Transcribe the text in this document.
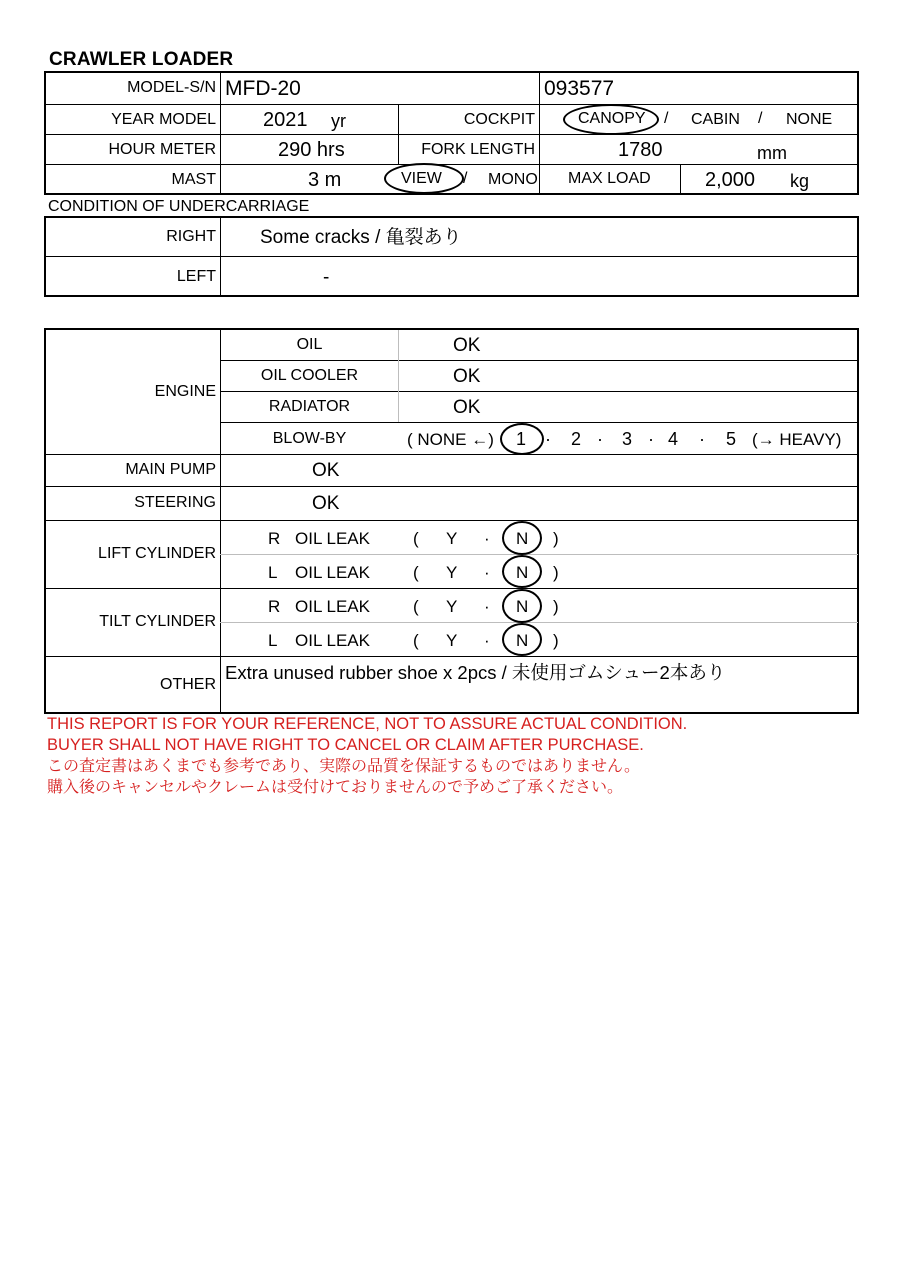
CRAWLER LOADER
MODEL-S/N MFD-20	093577
YEAR MODEL 2021 yr	COCKPIT	CANOPY / CABIN / NONE
HOUR METER	290 hrs	FORK LENGTH	1780	mm
MAST	3 m	VIEW / MONO MAX LOAD	2,000 kg
CONDITION OF UNDERCARRIAGE
RIGHT Some cracks / 亀裂あり
LEFT	-
ENGINE
OIL	OK
OIL COOLER	OK
RADIATOR	OK
BLOW-BY	( NONE ←) 1 · 2 · 3 · 4 · 5 (→ HEAVY)
MAIN PUMP	OK
STEERING	OK
LIFT CYLINDER
R OIL LEAK	( Y · N )
L OIL LEAK	( Y · N )
TILT CYLINDER
R OIL LEAK	( Y · N )
L OIL LEAK	( Y · N )
OTHER
Extra unused rubber shoe x 2pcs / 未使用ゴムシュー2本あり
THIS REPORT IS FOR YOUR REFERENCE, NOT TO ASSURE ACTUAL CONDITION.
BUYER SHALL NOT HAVE RIGHT TO CANCEL OR CLAIM AFTER PURCHASE.
この査定書はあくまでも参考であり、実際の品質を保証するものではありません。
購入後のキャンセルやクレームは受付けておりませんので予めご了承ください。
